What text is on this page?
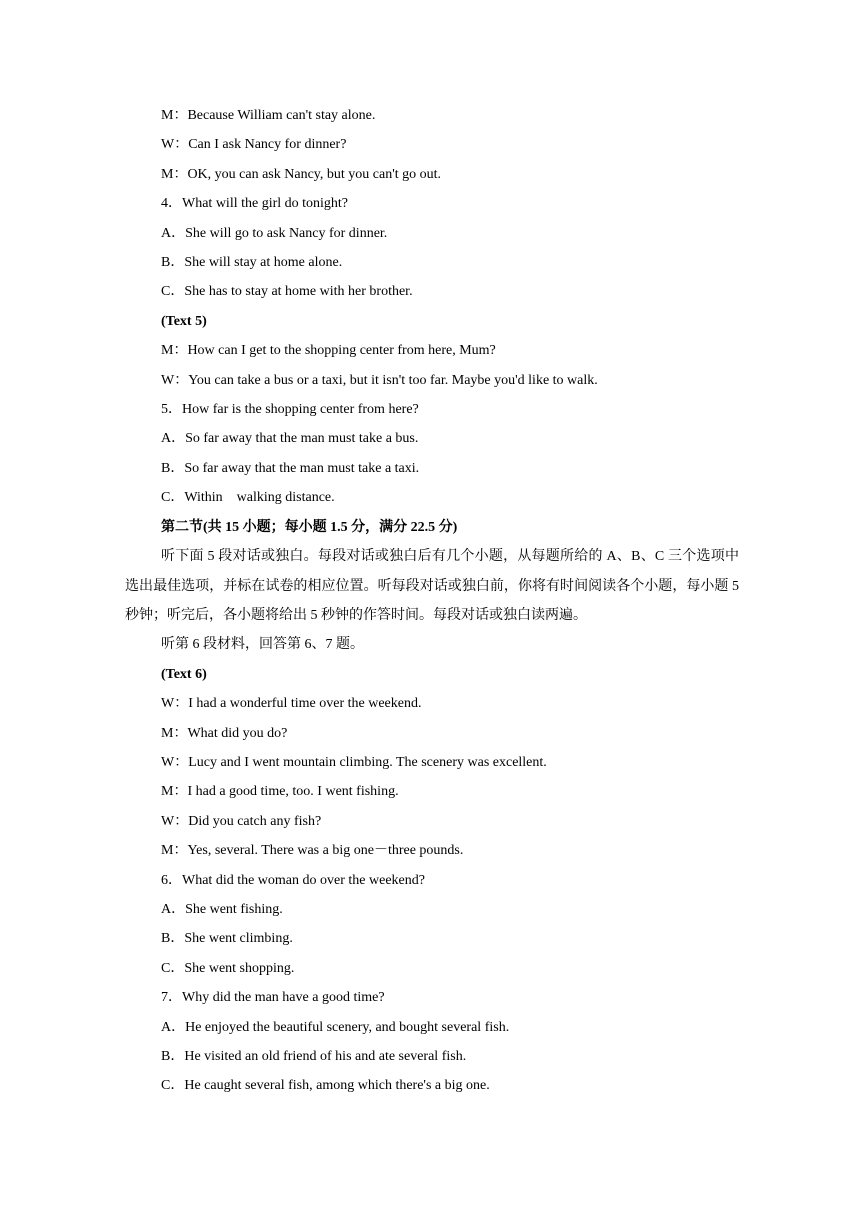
M：Because William can't stay alone.
W：Can I ask Nancy for dinner?
M：OK, you can ask Nancy, but you can't go out.
4．What will the girl do tonight?
A．She will go to ask Nancy for dinner.
B．She will stay at home alone.
C．She has to stay at home with her brother.
(Text 5)
M：How can I get to the shopping center from here, Mum?
W：You can take a bus or a taxi, but it isn't too far. Maybe you'd like to walk.
5．How far is the shopping center from here?
A．So far away that the man must take a bus.
B．So far away that the man must take a taxi.
C．Within    walking distance.
第二节(共 15 小题；每小题 1.5 分，满分 22.5 分)
听下面 5 段对话或独白。每段对话或独白后有几个小题，从每题所给的 A、B、C 三个选项中选出最佳选项，并标在试卷的相应位置。听每段对话或独白前，你将有时间阅读各个小题，每小题 5 秒钟；听完后，各小题将给出 5 秒钟的作答时间。每段对话或独白读两遍。
听第 6 段材料，回答第 6、7 题。
(Text 6)
W：I had a wonderful time over the weekend.
M：What did you do?
W：Lucy and I went mountain climbing. The scenery was excellent.
M：I had a good time, too. I went fishing.
W：Did you catch any fish?
M：Yes, several. There was a big one－three pounds.
6．What did the woman do over the weekend?
A．She went fishing.
B．She went climbing.
C．She went shopping.
7．Why did the man have a good time?
A．He enjoyed the beautiful scenery, and bought several fish.
B．He visited an old friend of his and ate several fish.
C．He caught several fish, among which there's a big one.
